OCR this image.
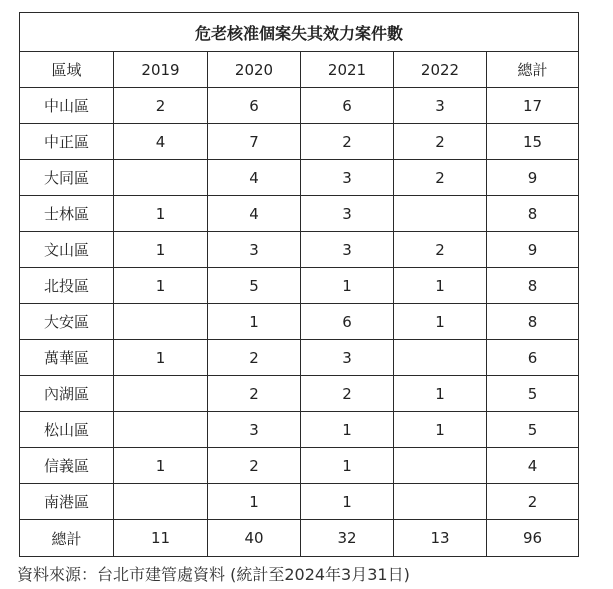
危老核准個案失其效力案件數					
區域	2019	2020	2021	2022	總計
中山區	2	6	6	3	17
中正區	4	7	2	2	15
大同區		4	3	2	9
士林區	1	4	3		8
文山區	1	3	3	2	9
北投區	1	5	1	1	8
大安區		1	6	1	8
萬華區	1	2	3		6
內湖區		2	2	1	5
松山區		3	1	1	5
信義區	1	2	1		4
南港區		1	1		2
總計	11	40	32	13	96
資料來源：台北市建管處資料 (統計至2024年3月31日)
